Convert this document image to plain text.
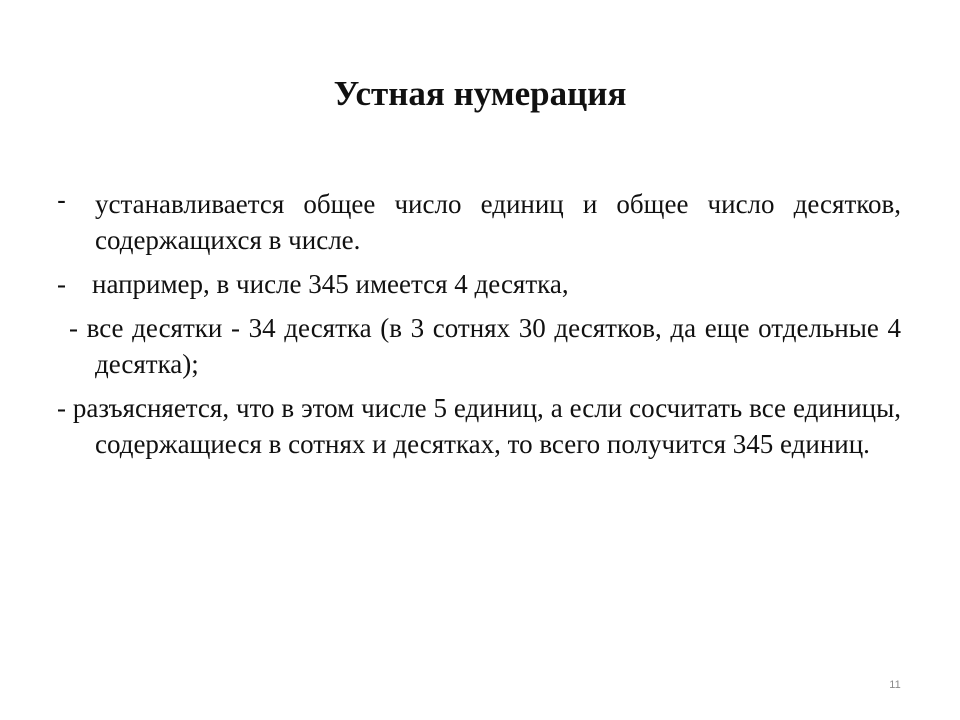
Устная нумерация

- устанавливается общее число единиц и общее число десятков, содержащихся в числе.

- например, в числе 345 имеется 4 десятка,

- все десятки - 34 десятка (в 3 сотнях 30 десятков, да еще отдельные 4 десятка);

- разъясняется, что в этом числе 5 единиц, а если сосчитать все единицы, содержащиеся в сотнях и десятках, то всего получится 345 единиц.

11
